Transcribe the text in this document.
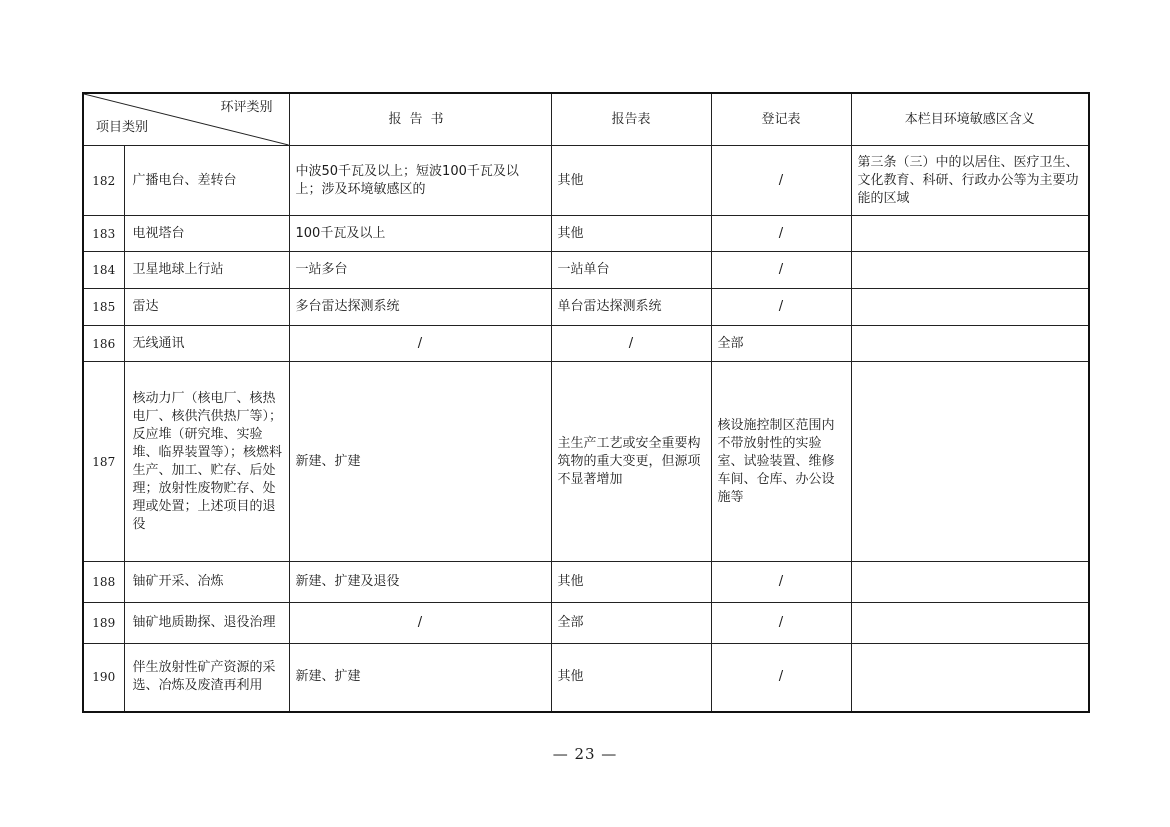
环评类别
项目类别		报告书	报告表	登记表	本栏目环境敏感区含义
182	广播电台、差转台	中波50千瓦及以上；短波100千瓦及以上；涉及环境敏感区的	其他	/	第三条（三）中的以居住、医疗卫生、文化教育、科研、行政办公等为主要功能的区域
183	电视塔台	100千瓦及以上	其他	/	
184	卫星地球上行站	一站多台	一站单台	/	
185	雷达	多台雷达探测系统	单台雷达探测系统	/	
186	无线通讯	/	/	全部	
187	核动力厂（核电厂、核热电厂、核供汽供热厂等）；反应堆（研究堆、实验堆、临界装置等）；核燃料生产、加工、贮存、后处理；放射性废物贮存、处理或处置；上述项目的退役	新建、扩建	主生产工艺或安全重要构筑物的重大变更，但源项不显著增加	核设施控制区范围内不带放射性的实验室、试验装置、维修车间、仓库、办公设施等	
188	铀矿开采、冶炼	新建、扩建及退役	其他	/	
189	铀矿地质勘探、退役治理	/	全部	/	
190	伴生放射性矿产资源的采选、冶炼及废渣再利用	新建、扩建	其他	/	
— 23 —
